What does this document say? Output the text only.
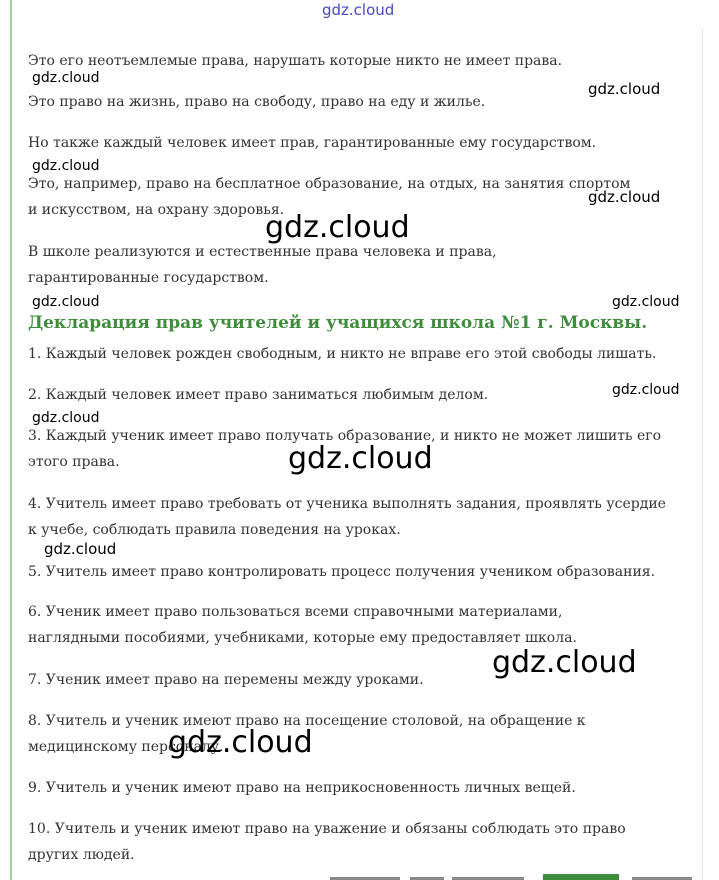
gdz.cloud

Это его неотъемлемые права, нарушать которые никто не имеет права.

Это право на жизнь, право на свободу, право на еду и жилье.

Но также каждый человек имеет прав, гарантированные ему государством.

Это, например, право на бесплатное образование, на отдых, на занятия спортом и искусством, на охрану здоровья.

В школе реализуются и естественные права человека и права, гарантированные государством.

Декларация прав учителей и учащихся школа №1 г. Москвы.

1. Каждый человек рожден свободным, и никто не вправе его этой свободы лишать.

2. Каждый человек имеет право заниматься любимым делом.

3. Каждый ученик имеет право получать образование, и никто не может лишить его этого права.

4. Учитель имеет право требовать от ученика выполнять задания, проявлять усердие к учебе, соблюдать правила поведения на уроках.

5. Учитель имеет право контролировать процесс получения учеником образования.

6. Ученик имеет право пользоваться всеми справочными материалами, наглядными пособиями, учебниками, которые ему предоставляет школа.

7. Ученик имеет право на перемены между уроками.

8. Учитель и ученик имеют право на посещение столовой, на обращение к медицинскому персоналу.

9. Учитель и ученик имеют право на неприкосновенность личных вещей.

10. Учитель и ученик имеют право на уважение и обязаны соблюдать это право других людей.

gdz.cloud
gdz.cloud
gdz.cloud
gdz.cloud
gdz.cloud
gdz.cloud	gdz.cloud
gdz.cloud
gdz.cloud
gdz.cloud
gdz.cloud
gdz.cloud
gdz.cloud
